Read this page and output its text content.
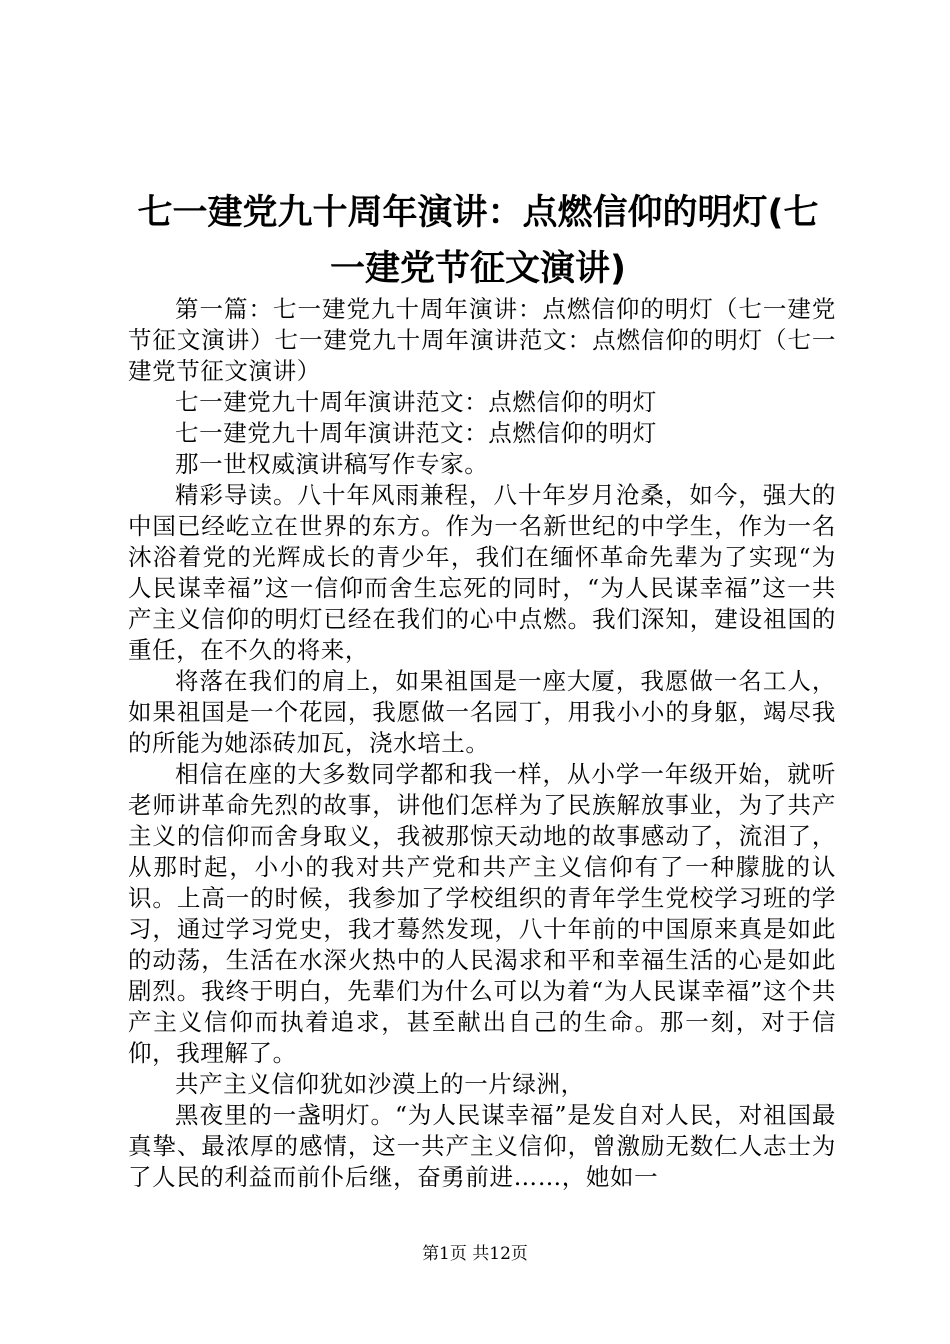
七一建党九十周年演讲：点燃信仰的明灯(七一建党节征文演讲)

第一篇：七一建党九十周年演讲：点燃信仰的明灯（七一建党节征文演讲）七一建党九十周年演讲范文：点燃信仰的明灯（七一建党节征文演讲）

七一建党九十周年演讲范文：点燃信仰的明灯

七一建党九十周年演讲范文：点燃信仰的明灯

那一世权威演讲稿写作专家。

精彩导读。八十年风雨兼程，八十年岁月沧桑，如今，强大的中国已经屹立在世界的东方。作为一名新世纪的中学生，作为一名沐浴着党的光辉成长的青少年，我们在缅怀革命先辈为了实现“为人民谋幸福”这一信仰而舍生忘死的同时，“为人民谋幸福”这一共产主义信仰的明灯已经在我们的心中点燃。我们深知，建设祖国的重任，在不久的将来，

将落在我们的肩上，如果祖国是一座大厦，我愿做一名工人，如果祖国是一个花园，我愿做一名园丁，用我小小的身躯，竭尽我的所能为她添砖加瓦，浇水培土。

相信在座的大多数同学都和我一样，从小学一年级开始，就听老师讲革命先烈的故事，讲他们怎样为了民族解放事业，为了共产主义的信仰而舍身取义，我被那惊天动地的故事感动了，流泪了，从那时起，小小的我对共产党和共产主义信仰有了一种朦胧的认识。上高一的时候，我参加了学校组织的青年学生党校学习班的学习，通过学习党史，我才蓦然发现，八十年前的中国原来真是如此的动荡，生活在水深火热中的人民渴求和平和幸福生活的心是如此剧烈。我终于明白，先辈们为什么可以为着“为人民谋幸福”这个共产主义信仰而执着追求，甚至献出自己的生命。那一刻，对于信仰，我理解了。

共产主义信仰犹如沙漠上的一片绿洲，

黑夜里的一盏明灯。“为人民谋幸福”是发自对人民，对祖国最真挚、最浓厚的感情，这一共产主义信仰，曾激励无数仁人志士为了人民的利益而前仆后继，奋勇前进……，她如一

第1页 共12页
